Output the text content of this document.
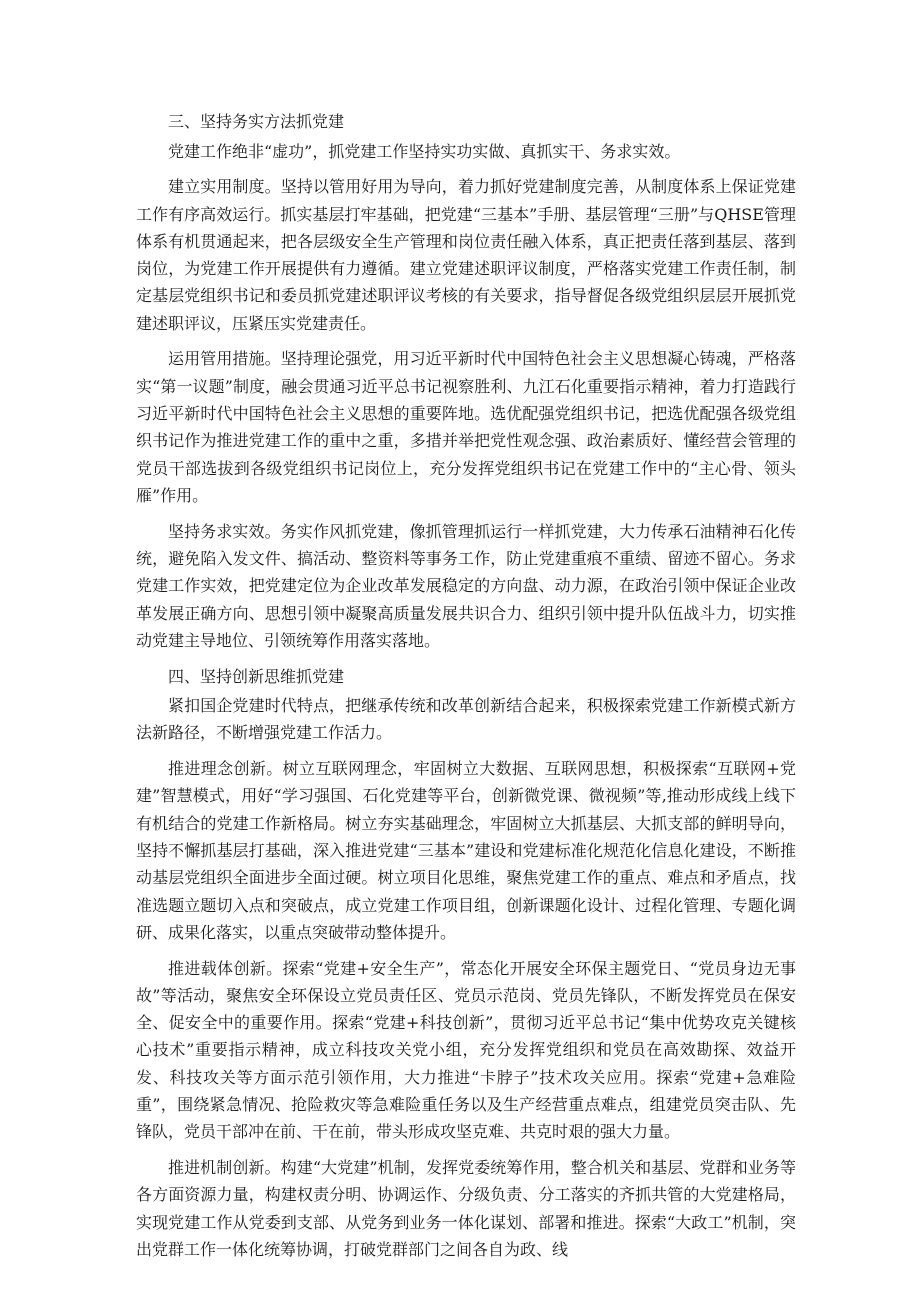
三、坚持务实方法抓党建

党建工作绝非“虚功”，抓党建工作坚持实功实做、真抓实干、务求实效。

建立实用制度。坚持以管用好用为导向，着力抓好党建制度完善，从制度体系上保证党建工作有序高效运行。抓实基层打牢基础，把党建“三基本”手册、基层管理“三册”与QHSE管理体系有机贯通起来，把各层级安全生产管理和岗位责任融入体系，真正把责任落到基层、落到岗位，为党建工作开展提供有力遵循。建立党建述职评议制度，严格落实党建工作责任制，制定基层党组织书记和委员抓党建述职评议考核的有关要求，指导督促各级党组织层层开展抓党建述职评议，压紧压实党建责任。

运用管用措施。坚持理论强党，用习近平新时代中国特色社会主义思想凝心铸魂，严格落实“第一议题”制度，融会贯通习近平总书记视察胜利、九江石化重要指示精神，着力打造践行习近平新时代中国特色社会主义思想的重要阵地。选优配强党组织书记，把选优配强各级党组织书记作为推进党建工作的重中之重，多措并举把党性观念强、政治素质好、懂经营会管理的党员干部选拔到各级党组织书记岗位上，充分发挥党组织书记在党建工作中的“主心骨、领头雁”作用。

坚持务求实效。务实作风抓党建，像抓管理抓运行一样抓党建，大力传承石油精神石化传统，避免陷入发文件、搞活动、整资料等事务工作，防止党建重痕不重绩、留迹不留心。务求党建工作实效，把党建定位为企业改革发展稳定的方向盘、动力源，在政治引领中保证企业改革发展正确方向、思想引领中凝聚高质量发展共识合力、组织引领中提升队伍战斗力，切实推动党建主导地位、引领统筹作用落实落地。

四、坚持创新思维抓党建

紧扣国企党建时代特点，把继承传统和改革创新结合起来，积极探索党建工作新模式新方法新路径，不断增强党建工作活力。

推进理念创新。树立互联网理念，牢固树立大数据、互联网思想，积极探索“互联网+党建”智慧模式，用好“学习强国、石化党建等平台，创新微党课、微视频”等,推动形成线上线下有机结合的党建工作新格局。树立夯实基础理念，牢固树立大抓基层、大抓支部的鲜明导向，坚持不懈抓基层打基础，深入推进党建“三基本”建设和党建标准化规范化信息化建设，不断推动基层党组织全面进步全面过硬。树立项目化思维，聚焦党建工作的重点、难点和矛盾点，找准选题立题切入点和突破点，成立党建工作项目组，创新课题化设计、过程化管理、专题化调研、成果化落实，以重点突破带动整体提升。

推进载体创新。探索“党建+安全生产”，常态化开展安全环保主题党日、“党员身边无事故”等活动，聚焦安全环保设立党员责任区、党员示范岗、党员先锋队，不断发挥党员在保安全、促安全中的重要作用。探索“党建+科技创新”，贯彻习近平总书记“集中优势攻克关键核心技术”重要指示精神，成立科技攻关党小组，充分发挥党组织和党员在高效勘探、效益开发、科技攻关等方面示范引领作用，大力推进“卡脖子”技术攻关应用。探索“党建+急难险重”，围绕紧急情况、抢险救灾等急难险重任务以及生产经营重点难点，组建党员突击队、先锋队，党员干部冲在前、干在前，带头形成攻坚克难、共克时艰的强大力量。

推进机制创新。构建“大党建”机制，发挥党委统筹作用，整合机关和基层、党群和业务等各方面资源力量，构建权责分明、协调运作、分级负责、分工落实的齐抓共管的大党建格局，实现党建工作从党委到支部、从党务到业务一体化谋划、部署和推进。探索“大政工”机制，突出党群工作一体化统筹协调，打破党群部门之间各自为政、线
